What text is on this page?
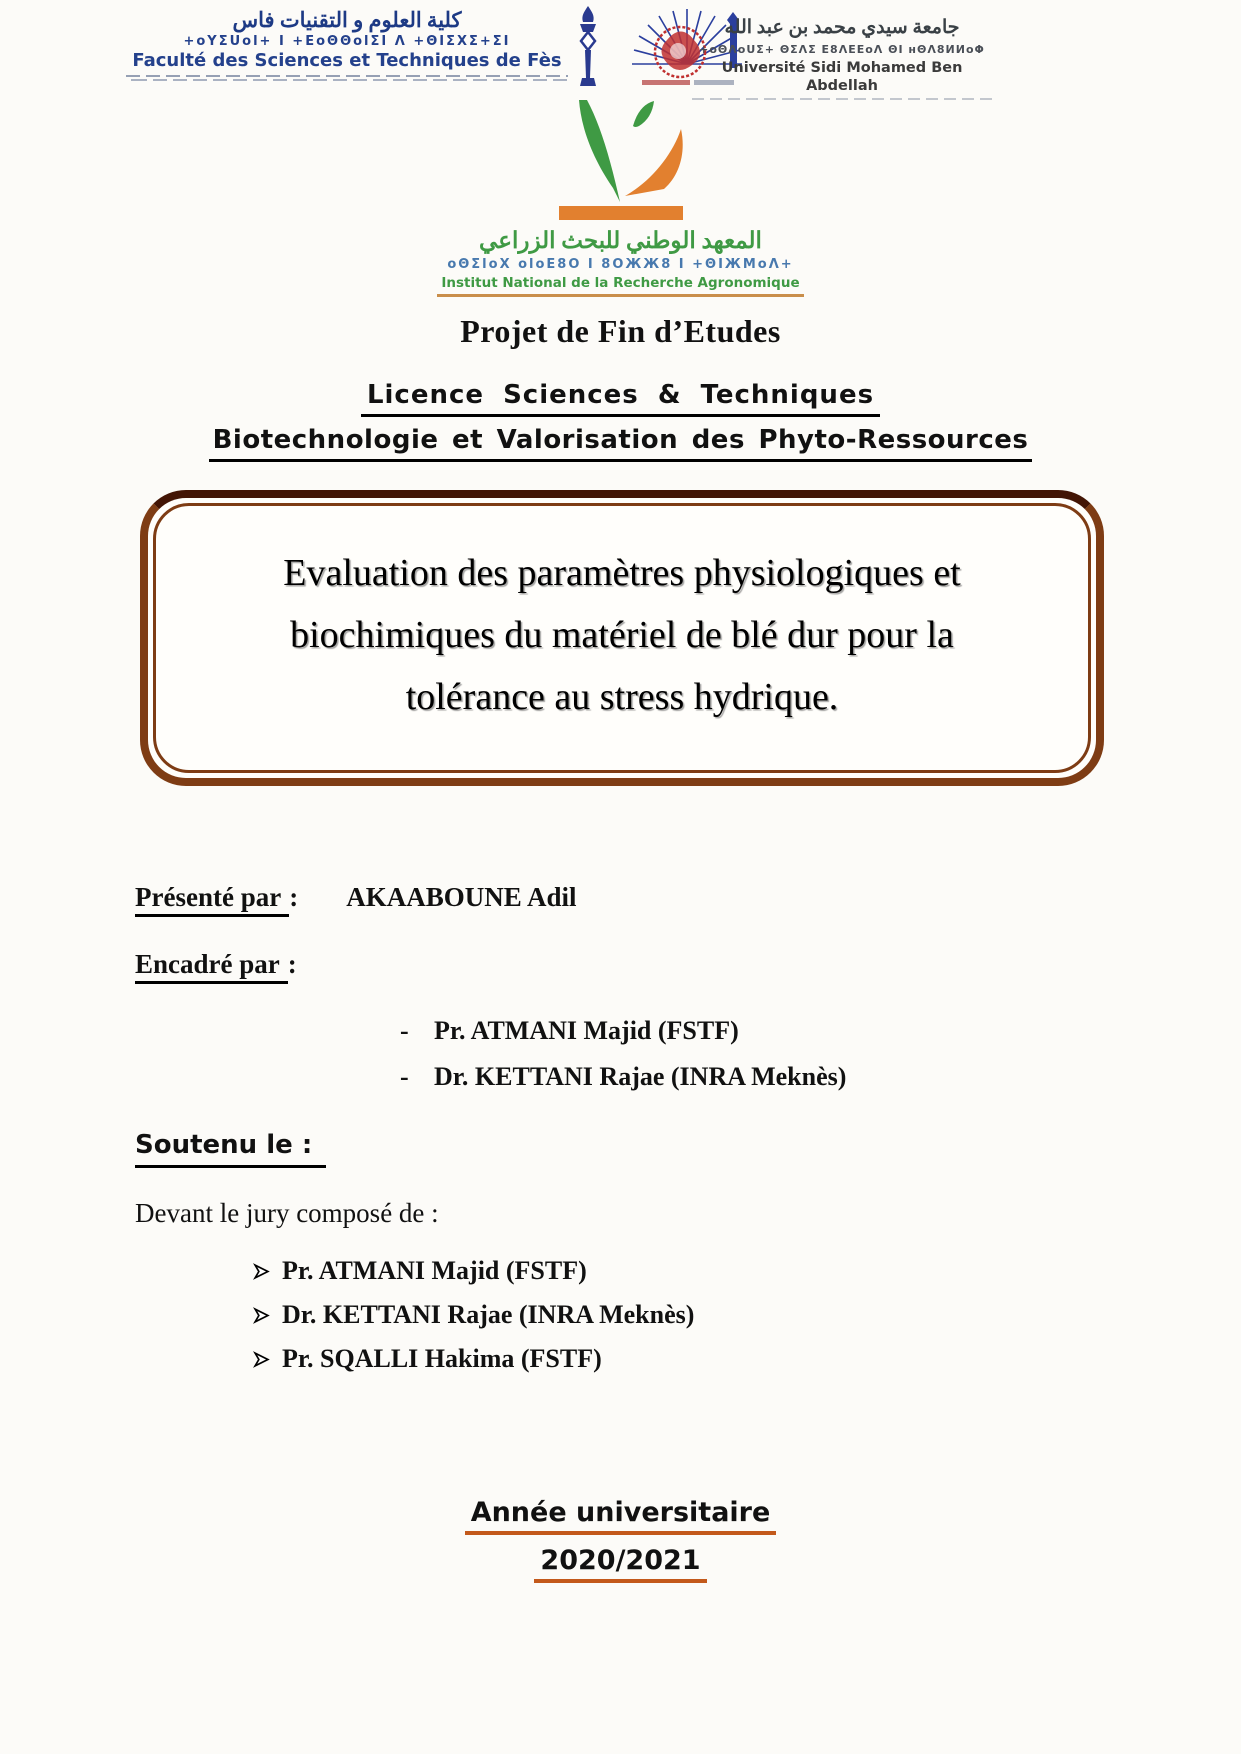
كلية العلوم و التقنيات فاس
+oYΣUol+ I +ΕoΘΘolΣI Λ +ΘΙΣΧΣ+ΣΙ
Faculté des Sciences et Techniques de Fès
جامعة سيدي محمد بن عبد الله
+oΘΛoUΣ+ ΘΣΛΣ Ε8ΛΕΕoΛ ΘΙ ʜΘΛ8ИИoΦ
Université Sidi Mohamed Ben Abdellah
المعهد الوطني للبحث الزراعي
oΘΣloX oloΕ8O I 8OЖЖ8 I +ΘΙЖMoΛ+
Institut National de la Recherche Agronomique
Projet de Fin d’Etudes
Licence Sciences & Techniques
Biotechnologie et Valorisation des Phyto-Ressources
Evaluation des paramètres physiologiques et
biochimiques du matériel de blé dur pour la
tolérance au stress hydrique.
Présenté par : AKAABOUNE Adil
Encadré par :
- Pr. ATMANI Majid (FSTF)
- Dr. KETTANI Rajae (INRA Meknès)
Soutenu le :
Devant le jury composé de :
Pr. ATMANI Majid (FSTF)
Dr. KETTANI Rajae (INRA Meknès)
Pr. SQALLI Hakima (FSTF)
Année universitaire
2020/2021
